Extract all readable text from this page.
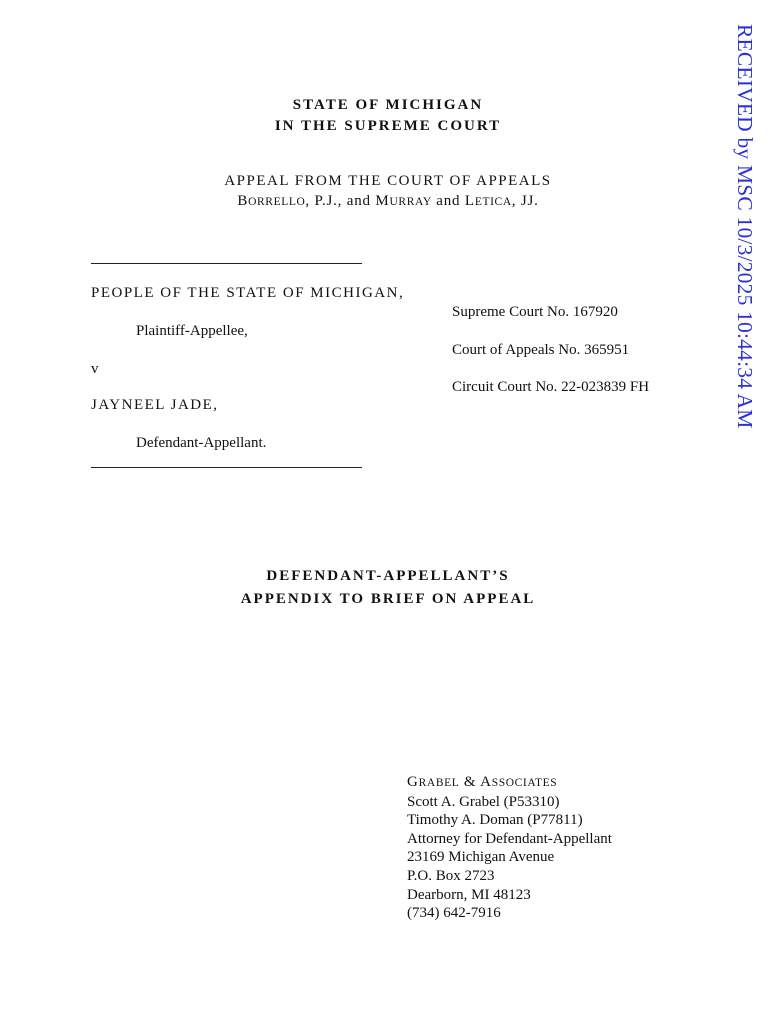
RECEIVED by MSC 10/3/2025 10:44:34 AM
STATE OF MICHIGAN
IN THE SUPREME COURT
APPEAL FROM THE COURT OF APPEALS
BORRELLO, P.J., and MURRAY and LETICA, JJ.
PEOPLE OF THE STATE OF MICHIGAN,
Plaintiff-Appellee,
v
JAYNEEL JADE,
Defendant-Appellant.
Supreme Court No. 167920
Court of Appeals No. 365951
Circuit Court No. 22-023839 FH
DEFENDANT-APPELLANT’S
APPENDIX TO BRIEF ON APPEAL
GRABEL & ASSOCIATES
Scott A. Grabel (P53310)
Timothy A. Doman (P77811)
Attorney for Defendant-Appellant
23169 Michigan Avenue
P.O. Box 2723
Dearborn, MI 48123
(734) 642-7916
